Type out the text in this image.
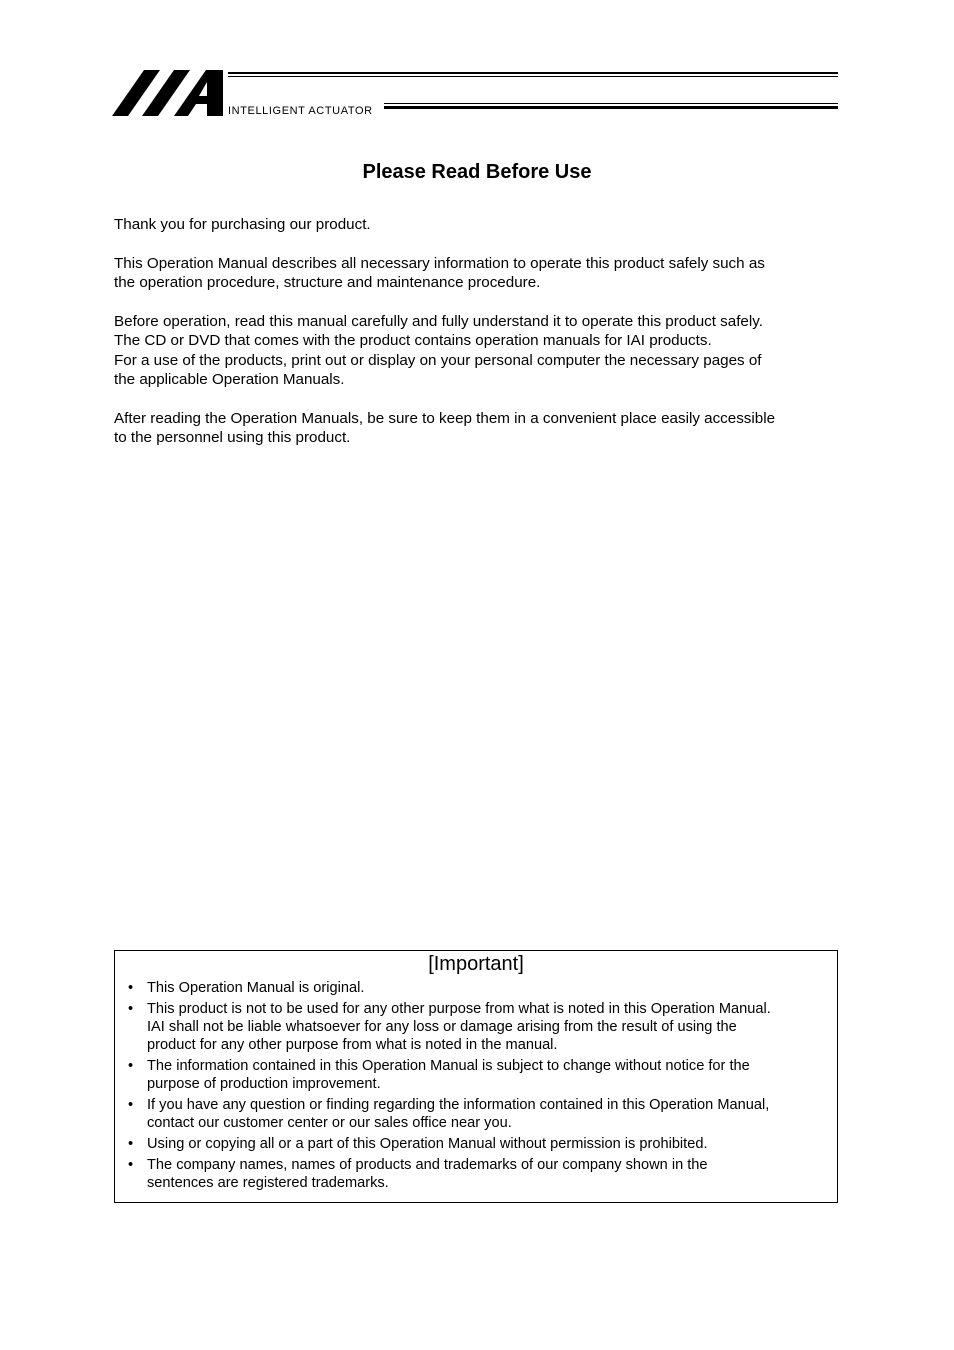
INTELLIGENT ACTUATOR
Please Read Before Use

Thank you for purchasing our product.

This Operation Manual describes all necessary information to operate this product safely such as
the operation procedure, structure and maintenance procedure.

Before operation, read this manual carefully and fully understand it to operate this product safely.
The CD or DVD that comes with the product contains operation manuals for IAI products.
For a use of the products, print out or display on your personal computer the necessary pages of
the applicable Operation Manuals.

After reading the Operation Manuals, be sure to keep them in a convenient place easily accessible
to the personnel using this product.

[Important]
• This Operation Manual is original.
• This product is not to be used for any other purpose from what is noted in this Operation Manual.
IAI shall not be liable whatsoever for any loss or damage arising from the result of using the
product for any other purpose from what is noted in the manual.
• The information contained in this Operation Manual is subject to change without notice for the
purpose of production improvement.
• If you have any question or finding regarding the information contained in this Operation Manual,
contact our customer center or our sales office near you.
• Using or copying all or a part of this Operation Manual without permission is prohibited.
• The company names, names of products and trademarks of our company shown in the
sentences are registered trademarks.
